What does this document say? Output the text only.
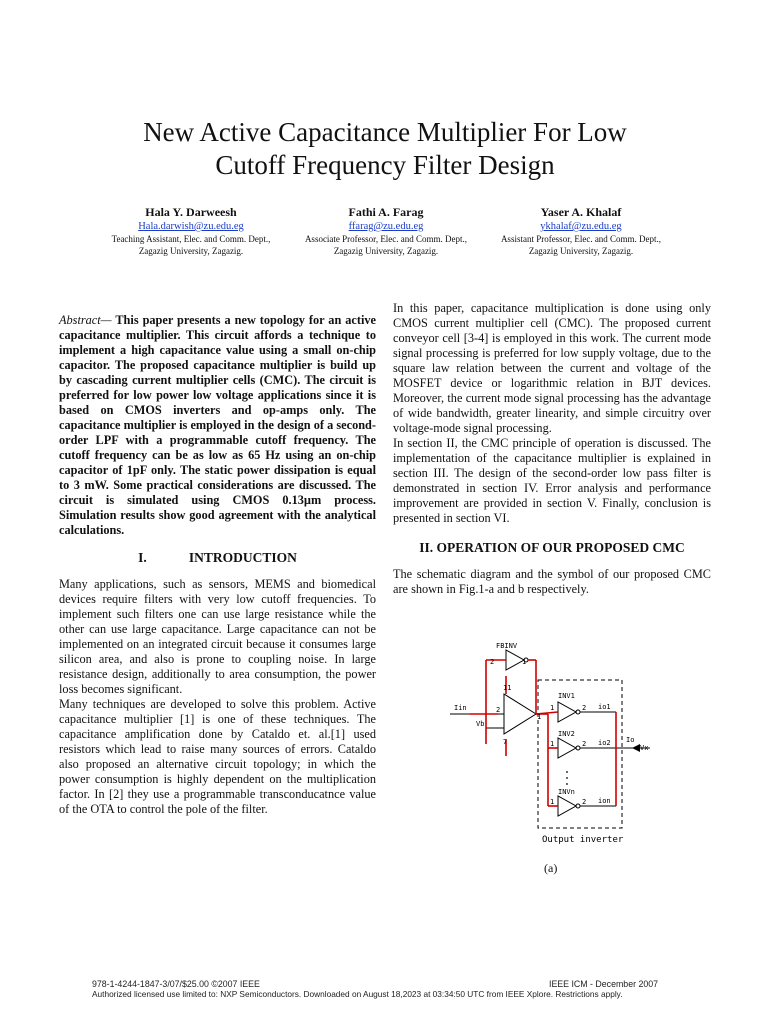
New Active Capacitance Multiplier For Low
Cutoff Frequency Filter Design
Hala Y. Darweesh
Hala.darwish@zu.edu.eg
Teaching Assistant, Elec. and Comm. Dept.,
Zagazig University, Zagazig.
Fathi A. Farag
ffarag@zu.edu.eg
Associate Professor, Elec. and Comm. Dept.,
Zagazig University, Zagazig.
Yaser A. Khalaf
ykhalaf@zu.edu.eg
Assistant Professor, Elec. and Comm. Dept.,
Zagazig University, Zagazig.

Abstract— This paper presents a new topology for an active capacitance multiplier. This circuit affords a technique to implement a high capacitance value using a small on-chip capacitor. The proposed capacitance multiplier is build up by cascading current multiplier cells (CMC). The circuit is preferred for low power low voltage applications since it is based on CMOS inverters and op-amps only. The capacitance multiplier is employed in the design of a second-order LPF with a programmable cutoff frequency. The cutoff frequency can be as low as 65 Hz using an on-chip capacitor of 1pF only. The static power dissipation is equal to 3 mW. Some practical considerations are discussed. The circuit is simulated using CMOS 0.13µm process. Simulation results show good agreement with the analytical calculations.

I.	INTRODUCTION

Many applications, such as sensors, MEMS and biomedical devices require filters with very low cutoff frequencies. To implement such filters one can use large resistance while the other can use large capacitance. Large capacitance can not be implemented on an integrated circuit because it consumes large silicon area, and also is prone to coupling noise. In large resistance design, additionally to area consumption, the power loss becomes significant.

Many techniques are developed to solve this problem. Active capacitance multiplier [1] is one of these techniques. The capacitance amplification done by Cataldo et. al.[1] used resistors which lead to raise many sources of errors. Cataldo also proposed an alternative circuit topology; in which the power consumption is highly dependent on the multiplication factor. In [2] they use a programmable transconducatnce value of the OTA to control the pole of the filter.

In this paper, capacitance multiplication is done using only CMOS current multiplier cell (CMC). The proposed current conveyor cell [3-4] is employed in this work. The current mode signal processing is preferred for low supply voltage, due to the square law relation between the current and voltage of the MOSFET device or logarithmic relation in BJT devices. Moreover, the current mode signal processing has the advantage of wide bandwidth, greater linearity, and simple circuitry over voltage-mode signal processing.

In section II, the CMC principle of operation is discussed. The implementation of the capacitance multiplier is explained in section III. The design of the second-order low pass filter is demonstrated in section IV. Error analysis and performance improvement are provided in section V. Finally, conclusion is presented in section VI.

II. OPERATION OF OUR PROPOSED CMC

The schematic diagram and the symbol of our proposed CMC are shown in Fig.1-a and b respectively.

FBINV
Iin
Vb
INV1
INV2
INVn
io1
io2
ion
Io
Vx
2	1
11
2
1
7
1	2
1	2
1	2
Output inverter
(a)
978-1-4244-1847-3/07/$25.00 ©2007 IEEE	IEEE ICM - December 2007
Authorized licensed use limited to: NXP Semiconductors. Downloaded on August 18,2023 at 03:34:50 UTC from IEEE Xplore. Restrictions apply.
